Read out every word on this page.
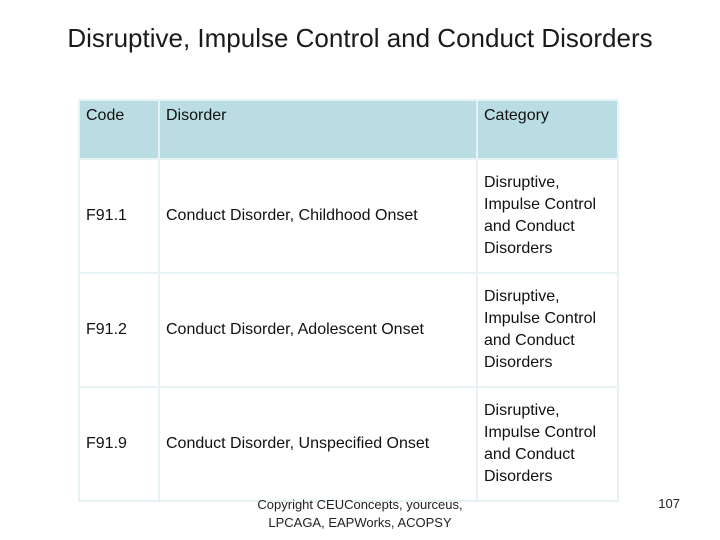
Disruptive, Impulse Control and Conduct Disorders
Code	Disorder	Category
F91.1	Conduct Disorder, Childhood Onset	Disruptive, Impulse Control and Conduct Disorders
F91.2	Conduct Disorder, Adolescent Onset	Disruptive, Impulse Control and Conduct Disorders
F91.9	Conduct Disorder, Unspecified Onset	Disruptive, Impulse Control and Conduct Disorders
Copyright CEUConcepts, yourceus, LPCAGA, EAPWorks, ACOPSY
107
